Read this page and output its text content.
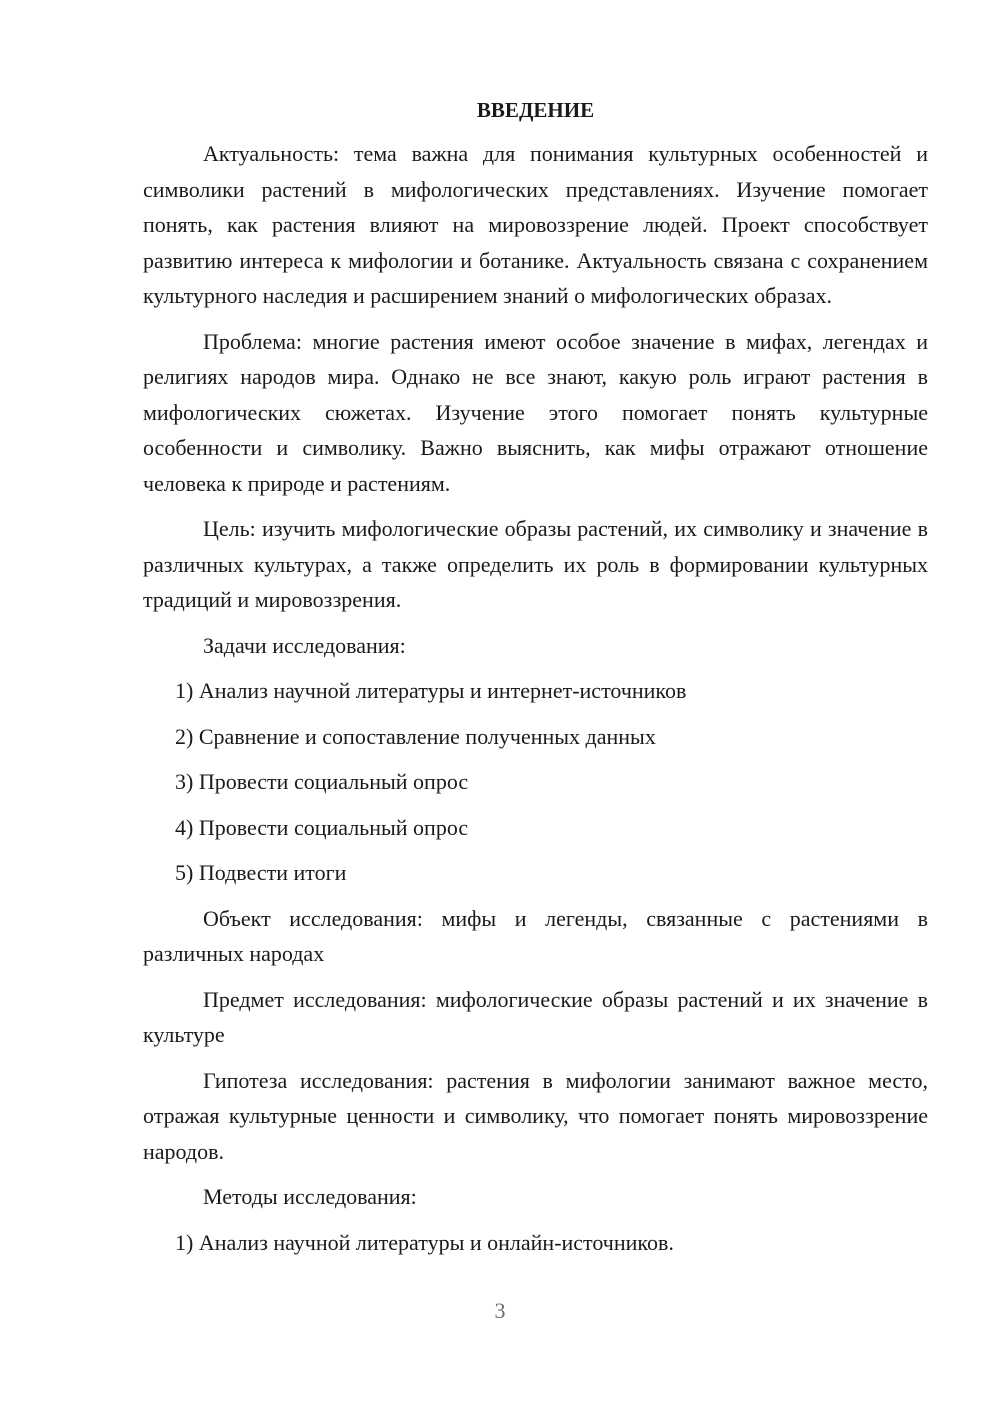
ВВЕДЕНИЕ

Актуальность: тема важна для понимания культурных особенностей и символики растений в мифологических представлениях. Изучение помогает понять, как растения влияют на мировоззрение людей. Проект способствует развитию интереса к мифологии и ботанике. Актуальность связана с сохранением культурного наследия и расширением знаний о мифологических образах.

Проблема: многие растения имеют особое значение в мифах, легендах и религиях народов мира. Однако не все знают, какую роль играют растения в мифологических сюжетах. Изучение этого помогает понять культурные особенности и символику. Важно выяснить, как мифы отражают отношение человека к природе и растениям.

Цель: изучить мифологические образы растений, их символику и значение в различных культурах, а также определить их роль в формировании культурных традиций и мировоззрения.

Задачи исследования:

1) Анализ научной литературы и интернет-источников

2) Сравнение и сопоставление полученных данных

3) Провести социальный опрос

4) Провести социальный опрос

5) Подвести итоги

Объект исследования: мифы и легенды, связанные с растениями в различных народах

Предмет исследования: мифологические образы растений и их значение в культуре

Гипотеза исследования: растения в мифологии занимают важное место, отражая культурные ценности и символику, что помогает понять мировоззрение народов.

Методы исследования:

1) Анализ научной литературы и онлайн-источников.

3
